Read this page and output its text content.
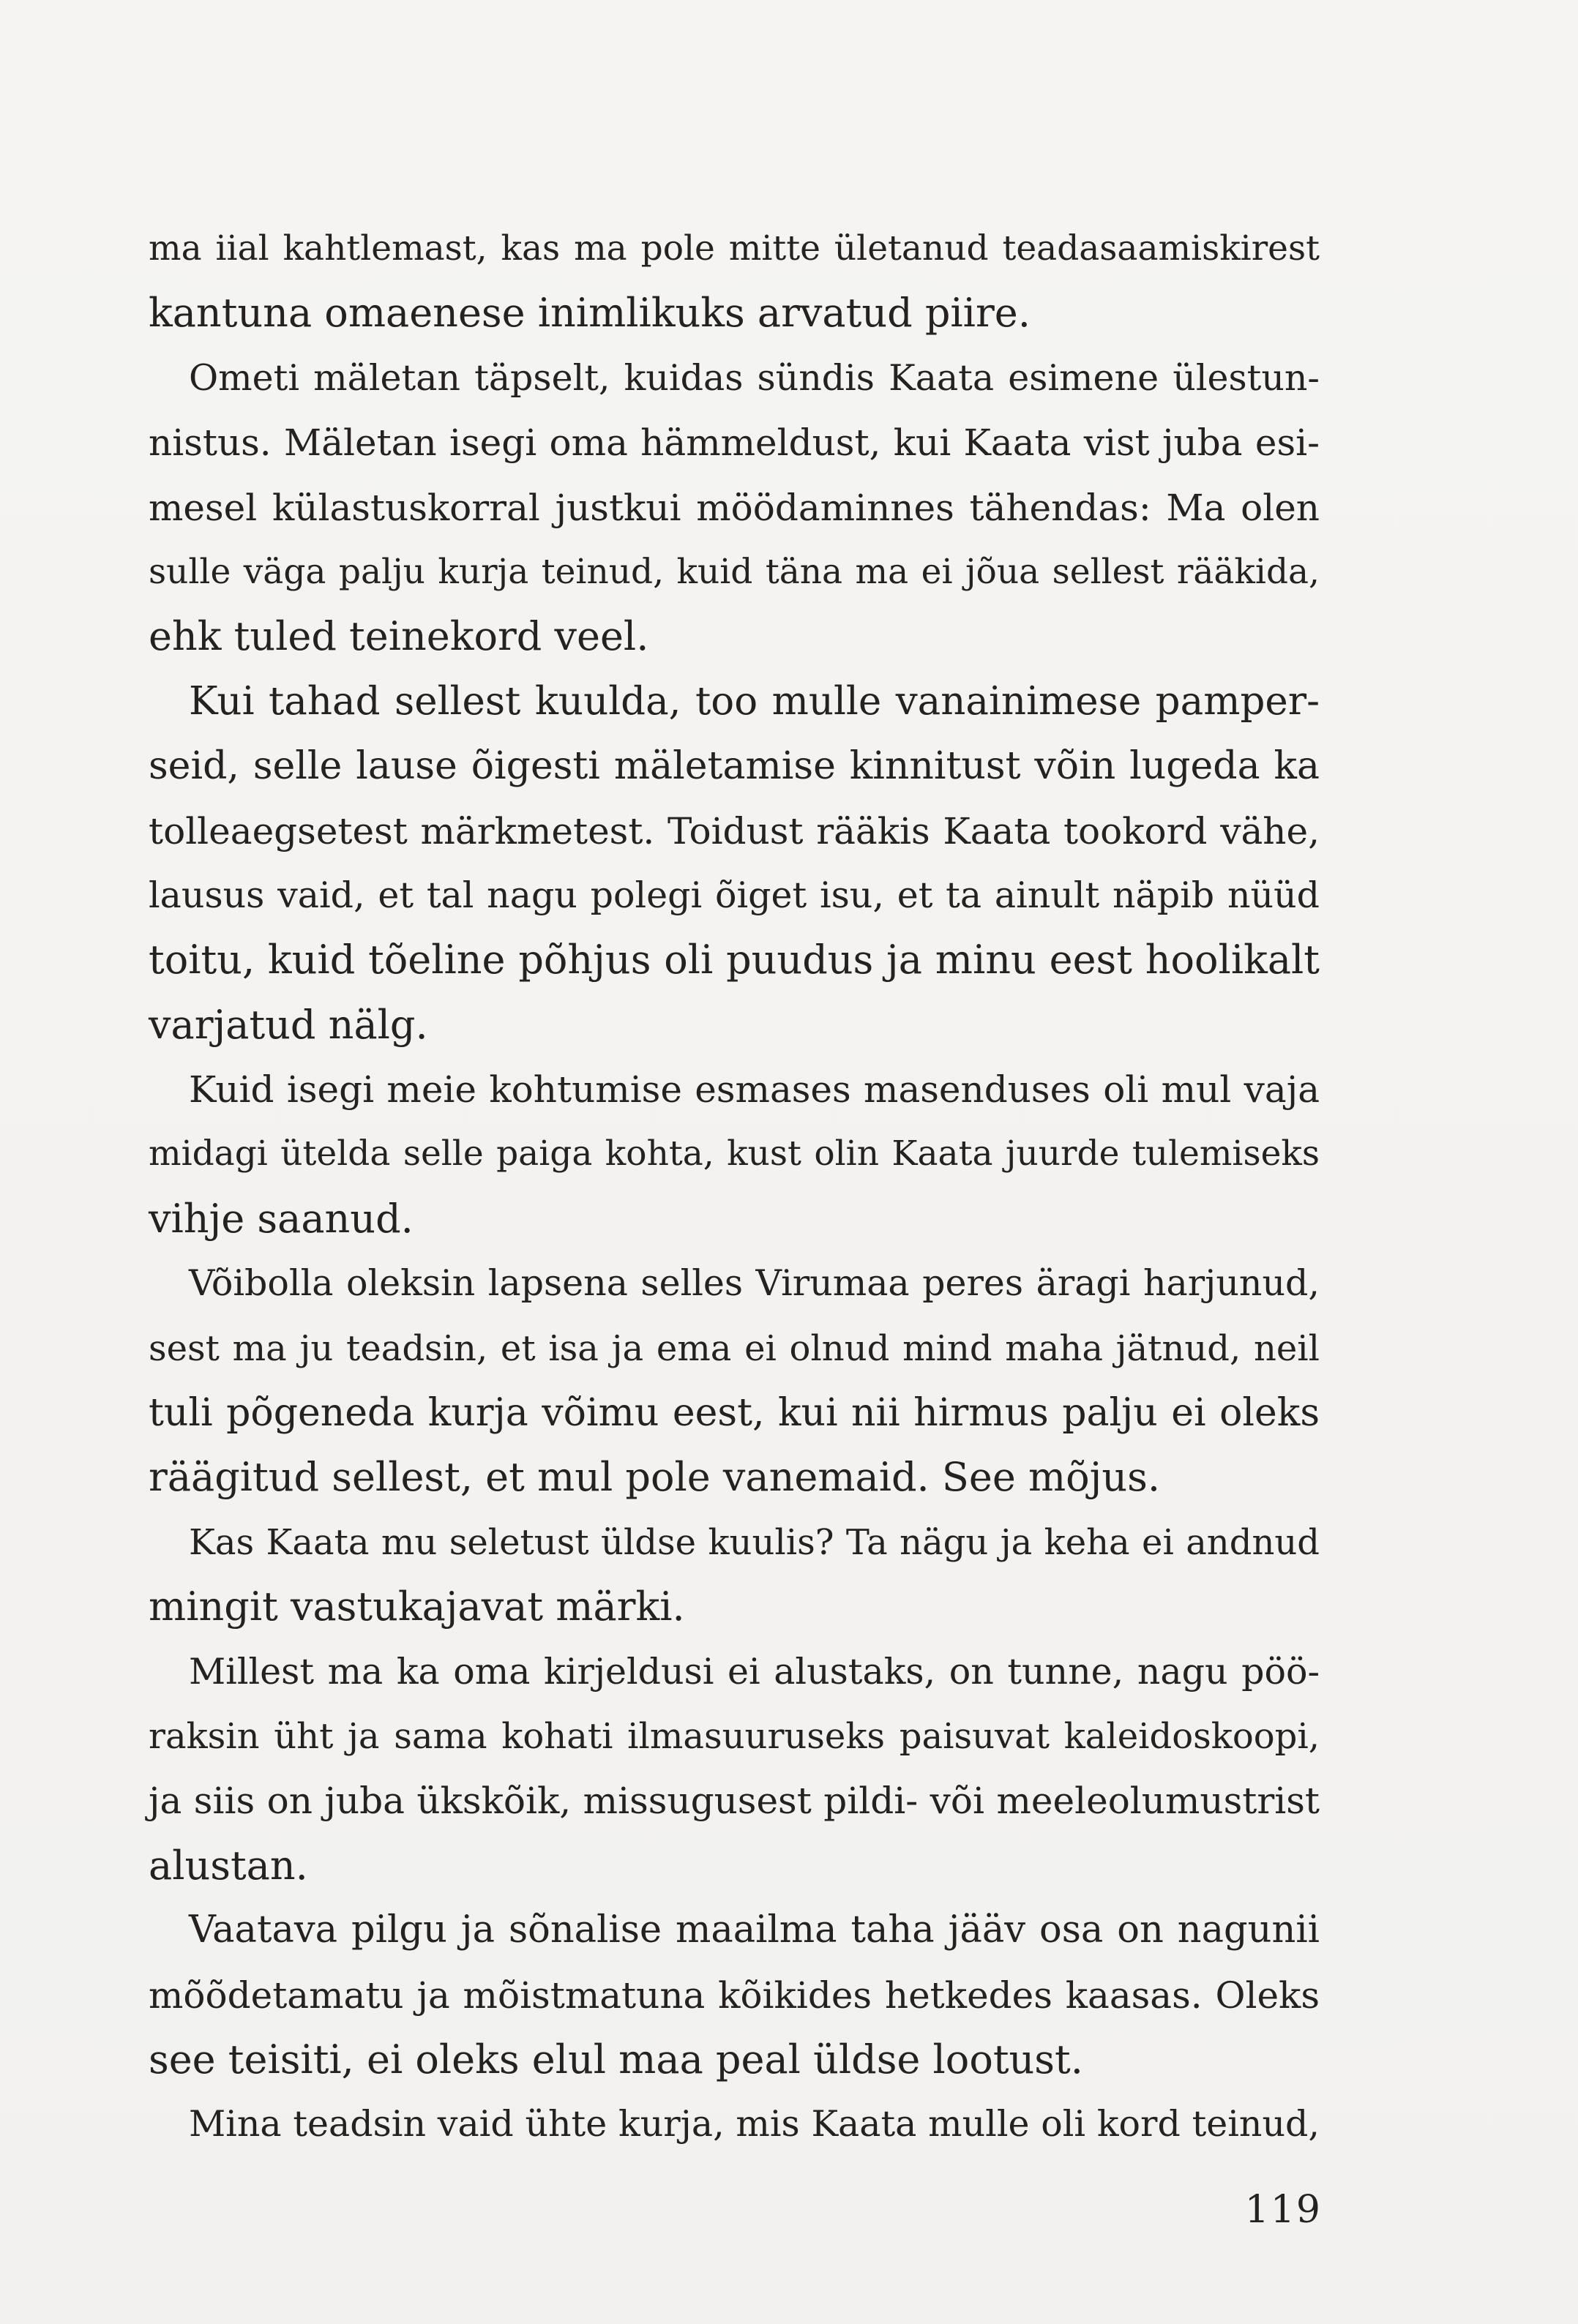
ma iial kahtlemast, kas ma pole mitte ületanud teadasaamiskirest
kantuna omaenese inimlikuks arvatud piire.
Ometi mäletan täpselt, kuidas sündis Kaata esimene ülestun-
nistus. Mäletan isegi oma hämmeldust, kui Kaata vist juba esi-
mesel külastuskorral justkui möödaminnes tähendas: Ma olen
sulle väga palju kurja teinud, kuid täna ma ei jõua sellest rääkida,
ehk tuled teinekord veel.
Kui tahad sellest kuulda, too mulle vanainimese pamper-
seid, selle lause õigesti mäletamise kinnitust võin lugeda ka
tolleaegsetest märkmetest. Toidust rääkis Kaata tookord vähe,
lausus vaid, et tal nagu polegi õiget isu, et ta ainult näpib nüüd
toitu, kuid tõeline põhjus oli puudus ja minu eest hoolikalt
varjatud nälg.
Kuid isegi meie kohtumise esmases masenduses oli mul vaja
midagi ütelda selle paiga kohta, kust olin Kaata juurde tulemiseks
vihje saanud.
Võibolla oleksin lapsena selles Virumaa peres äragi harjunud,
sest ma ju teadsin, et isa ja ema ei olnud mind maha jätnud, neil
tuli põgeneda kurja võimu eest, kui nii hirmus palju ei oleks
räägitud sellest, et mul pole vanemaid. See mõjus.
Kas Kaata mu seletust üldse kuulis? Ta nägu ja keha ei andnud
mingit vastukajavat märki.
Millest ma ka oma kirjeldusi ei alustaks, on tunne, nagu pöö-
raksin üht ja sama kohati ilmasuuruseks paisuvat kaleidoskoopi,
ja siis on juba ükskõik, missugusest pildi- või meeleolumustrist
alustan.
Vaatava pilgu ja sõnalise maailma taha jääv osa on nagunii
mõõdetamatu ja mõistmatuna kõikides hetkedes kaasas. Oleks
see teisiti, ei oleks elul maa peal üldse lootust.
Mina teadsin vaid ühte kurja, mis Kaata mulle oli kord teinud,
119
